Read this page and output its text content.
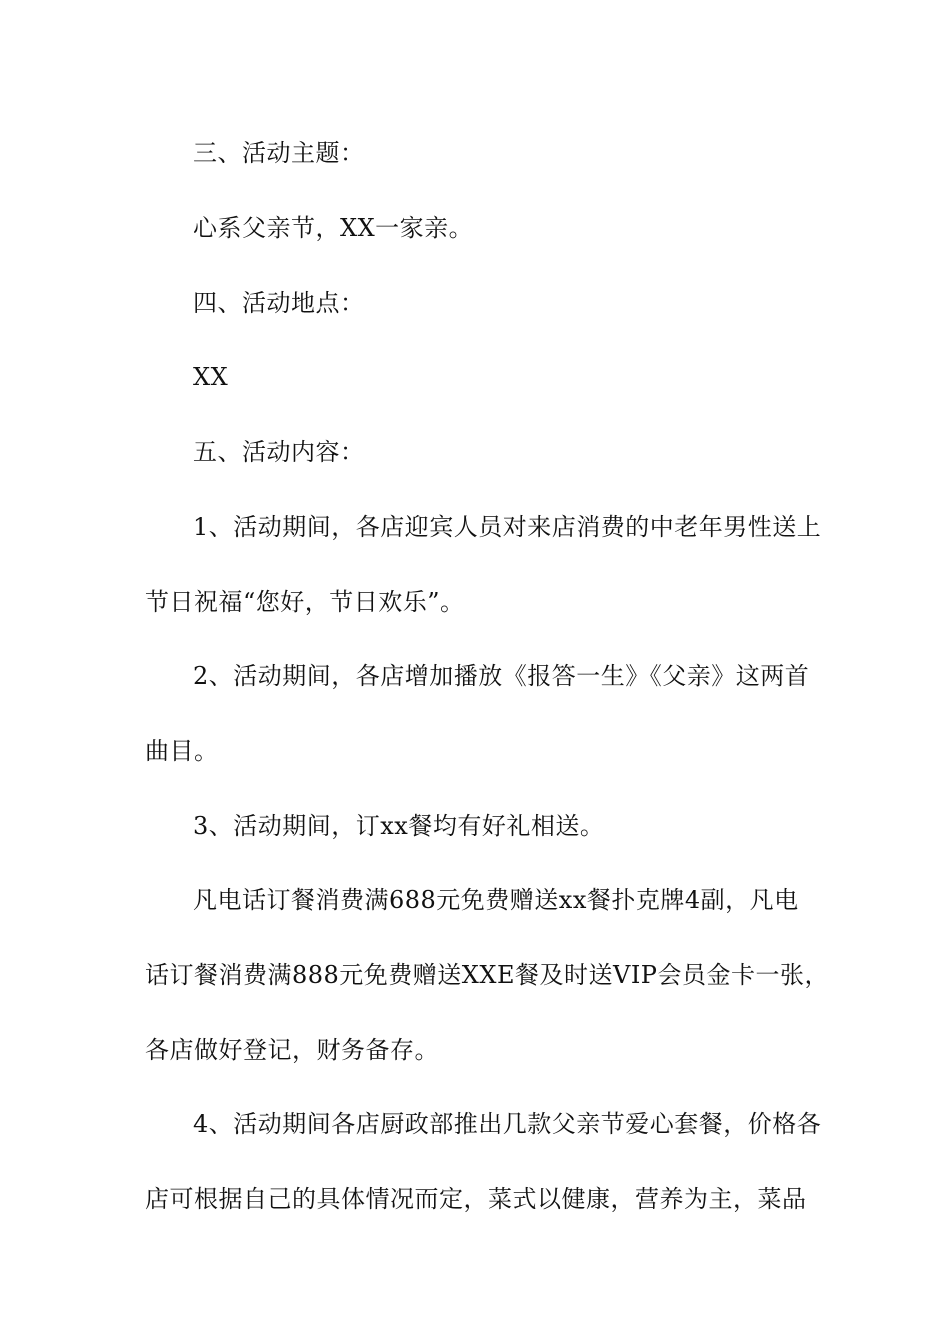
三、活动主题：
心系父亲节，XX一家亲。
四、活动地点：
XX
五、活动内容：
1、活动期间，各店迎宾人员对来店消费的中老年男性送上
节日祝福“您好，节日欢乐”。
2、活动期间，各店增加播放《报答一生》《父亲》这两首
曲目。
3、活动期间，订xx餐均有好礼相送。
凡电话订餐消费满688元免费赠送xx餐扑克牌4副，凡电
话订餐消费满888元免费赠送XXE餐及时送VIP会员金卡一张，
各店做好登记，财务备存。
4、活动期间各店厨政部推出几款父亲节爱心套餐，价格各
店可根据自己的具体情况而定，菜式以健康，营养为主，菜品
